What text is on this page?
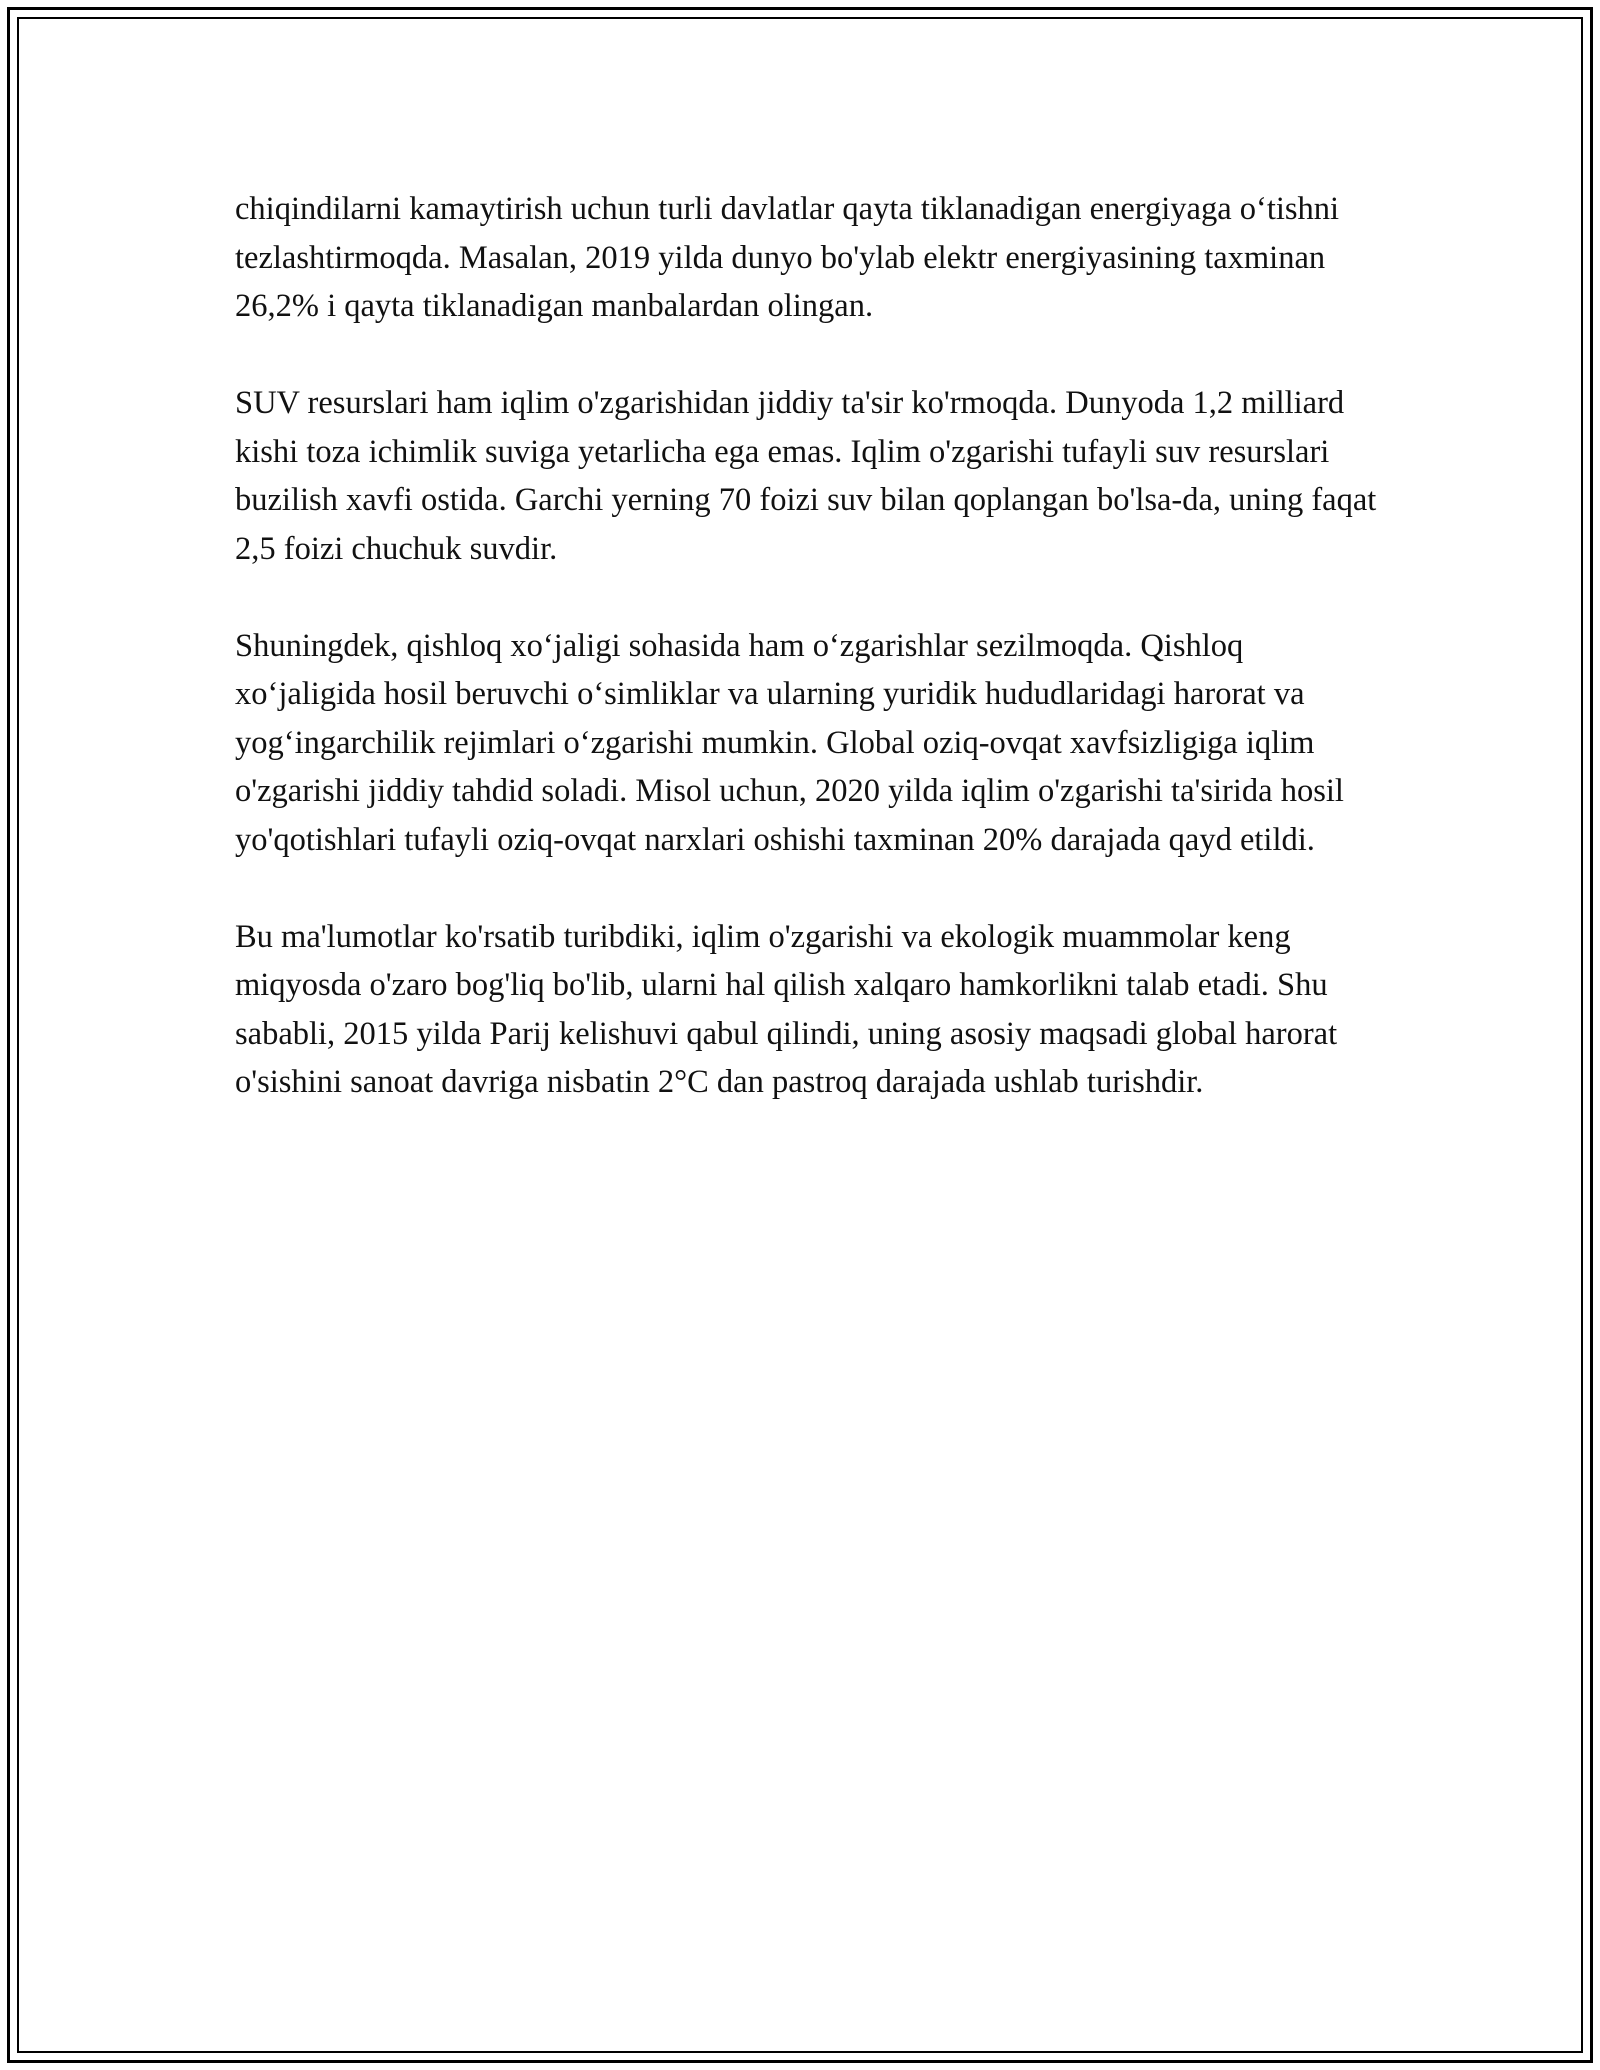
chiqindilarni kamaytirish uchun turli davlatlar qayta tiklanadigan energiyaga o‘tishni tezlashtirmoqda. Masalan, 2019 yilda dunyo bo'ylab elektr energiyasining taxminan 26,2% i qayta tiklanadigan manbalardan olingan.

SUV resurslari ham iqlim o'zgarishidan jiddiy ta'sir ko'rmoqda. Dunyoda 1,2 milliard kishi toza ichimlik suviga yetarlicha ega emas. Iqlim o'zgarishi tufayli suv resurslari buzilish xavfi ostida. Garchi yerning 70 foizi suv bilan qoplangan bo'lsa-da, uning faqat 2,5 foizi chuchuk suvdir.

Shuningdek, qishloq xo‘jaligi sohasida ham o‘zgarishlar sezilmoqda. Qishloq xo‘jaligida hosil beruvchi o‘simliklar va ularning yuridik hududlaridagi harorat va yog‘ingarchilik rejimlari o‘zgarishi mumkin. Global oziq-ovqat xavfsizligiga iqlim o'zgarishi jiddiy tahdid soladi. Misol uchun, 2020 yilda iqlim o'zgarishi ta'sirida hosil yo'qotishlari tufayli oziq-ovqat narxlari oshishi taxminan 20% darajada qayd etildi.

Bu ma'lumotlar ko'rsatib turibdiki, iqlim o'zgarishi va ekologik muammolar keng miqyosda o'zaro bog'liq bo'lib, ularni hal qilish xalqaro hamkorlikni talab etadi. Shu sababli, 2015 yilda Parij kelishuvi qabul qilindi, uning asosiy maqsadi global harorat o'sishini sanoat davriga nisbatin 2°C dan pastroq darajada ushlab turishdir.
